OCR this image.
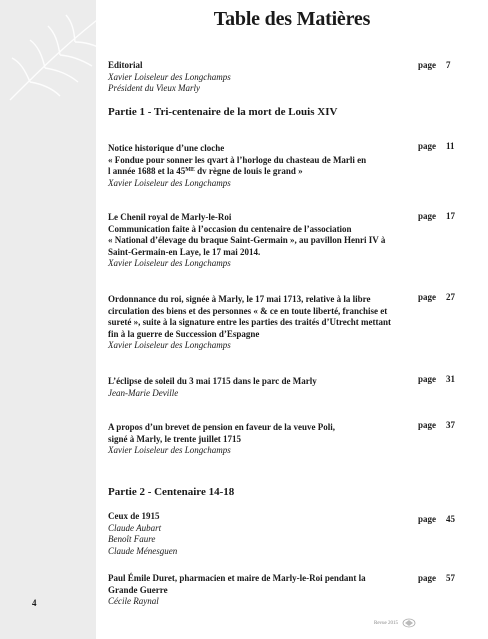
Table des Matières
Editorial
Xavier Loiseleur des Longchamps
Président du Vieux Marly
page 7
Partie 1 - Tri-centenaire de la mort de Louis XIV
Notice historique d’une cloche
« Fondue pour sonner les qvart à l’horloge du chasteau de Marli en
l année 1688 et la $45^{ME}$ dv règne de louis le grand »
Xavier Loiseleur des Longchamps
page 11
Le Chenil royal de Marly-le-Roi
Communication faite à l’occasion du centenaire de l’association
« National d’élevage du braque Saint-Germain », au pavillon Henri IV à
Saint-Germain-en Laye, le 17 mai 2014.
Xavier Loiseleur des Longchamps
page 17
Ordonnance du roi, signée à Marly, le 17 mai 1713, relative à la libre
circulation des biens et des personnes « & ce en toute liberté, franchise et
sureté », suite à la signature entre les parties des traités d’Utrecht mettant
fin à la guerre de Succession d’Espagne
Xavier Loiseleur des Longchamps
page 27
L’éclipse de soleil du 3 mai 1715 dans le parc de Marly
Jean-Marie Deville
page 31
A propos d’un brevet de pension en faveur de la veuve Poli,
signé à Marly, le trente juillet 1715
Xavier Loiseleur des Longchamps
page 37
Partie 2 - Centenaire 14-18
Ceux de 1915
Claude Aubart
Benoît Faure
Claude Ménesguen
page 45
Paul Émile Duret, pharmacien et maire de Marly-le-Roi pendant la
Grande Guerre
Cécile Raynal
page 57
4
Revue 2015
